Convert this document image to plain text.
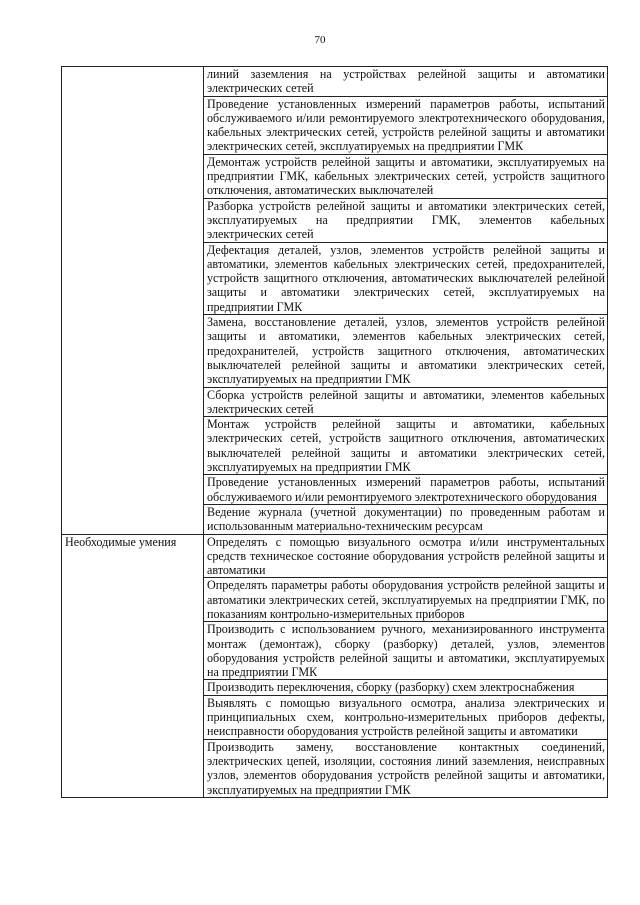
70
	линий заземления на устройствах релейной защиты и автоматики электрических сетей
	Проведение установленных измерений параметров работы, испытаний обслуживаемого и/или ремонтируемого электротехнического оборудования, кабельных электрических сетей, устройств релейной защиты и автоматики электрических сетей, эксплуатируемых на предприятии ГМК
	Демонтаж устройств релейной защиты и автоматики, эксплуатируемых на предприятии ГМК, кабельных электрических сетей, устройств защитного отключения, автоматических выключателей
	Разборка устройств релейной защиты и автоматики электрических сетей, эксплуатируемых на предприятии ГМК, элементов кабельных электрических сетей
	Дефектация деталей, узлов, элементов устройств релейной защиты и автоматики, элементов кабельных электрических сетей, предохранителей, устройств защитного отключения, автоматических выключателей релейной защиты и автоматики электрических сетей, эксплуатируемых на предприятии ГМК
	Замена, восстановление деталей, узлов, элементов устройств релейной защиты и автоматики, элементов кабельных электрических сетей, предохранителей, устройств защитного отключения, автоматических выключателей релейной защиты и автоматики электрических сетей, эксплуатируемых на предприятии ГМК
	Сборка устройств релейной защиты и автоматики, элементов кабельных электрических сетей
	Монтаж устройств релейной защиты и автоматики, кабельных электрических сетей, устройств защитного отключения, автоматических выключателей релейной защиты и автоматики электрических сетей, эксплуатируемых на предприятии ГМК
	Проведение установленных измерений параметров работы, испытаний обслуживаемого и/или ремонтируемого электротехнического оборудования
	Ведение журнала (учетной документации) по проведенным работам и использованным материально-техническим ресурсам

Необходимые умения	Определять с помощью визуального осмотра и/или инструментальных средств техническое состояние оборудования устройств релейной защиты и автоматики
	Определять параметры работы оборудования устройств релейной защиты и автоматики электрических сетей, эксплуатируемых на предприятии ГМК, по показаниям контрольно-измерительных приборов
	Производить с использованием ручного, механизированного инструмента монтаж (демонтаж), сборку (разборку) деталей, узлов, элементов оборудования устройств релейной защиты и автоматики, эксплуатируемых на предприятии ГМК
	Производить переключения, сборку (разборку) схем электроснабжения
	Выявлять с помощью визуального осмотра, анализа электрических и принципиальных схем, контрольно-измерительных приборов дефекты, неисправности оборудования устройств релейной защиты и автоматики
	Производить замену, восстановление контактных соединений, электрических цепей, изоляции, состояния линий заземления, неисправных узлов, элементов оборудования устройств релейной защиты и автоматики, эксплуатируемых на предприятии ГМК
